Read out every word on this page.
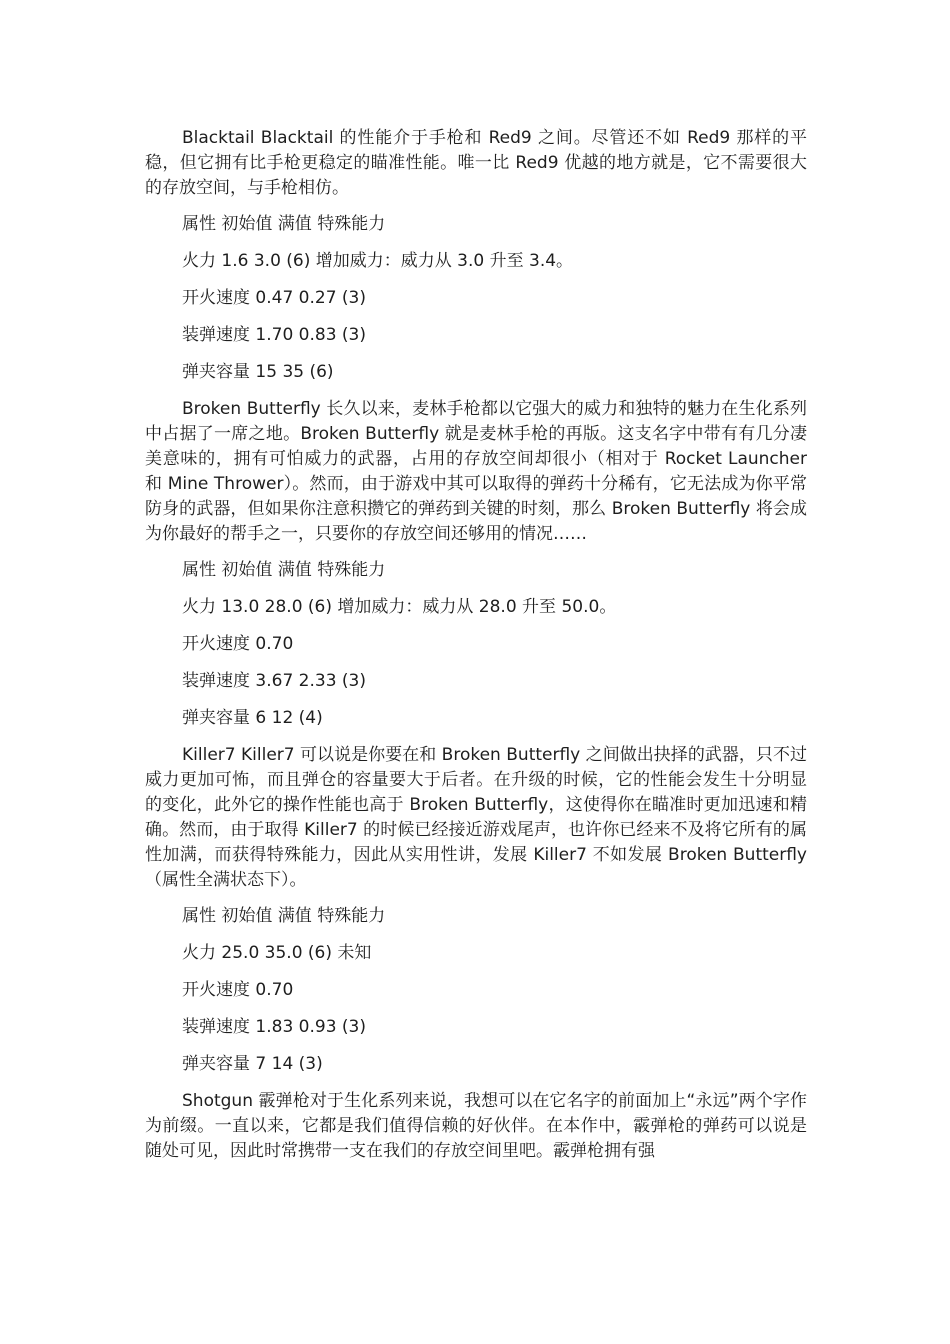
Blacktail Blacktail 的性能介于手枪和 Red9 之间。尽管还不如 Red9 那样的平稳，但它拥有比手枪更稳定的瞄准性能。唯一比 Red9 优越的地方就是，它不需要很大的存放空间，与手枪相仿。

属性 初始值 满值 特殊能力

火力 1.6 3.0 (6) 增加威力：威力从 3.0 升至 3.4。

开火速度 0.47 0.27 (3)

装弹速度 1.70 0.83 (3)

弹夹容量 15 35 (6)

Broken Butterfly 长久以来，麦林手枪都以它强大的威力和独特的魅力在生化系列中占据了一席之地。Broken Butterfly 就是麦林手枪的再版。这支名字中带有有几分凄美意味的，拥有可怕威力的武器，占用的存放空间却很小（相对于 Rocket Launcher 和 Mine Thrower）。然而，由于游戏中其可以取得的弹药十分稀有，它无法成为你平常防身的武器，但如果你注意积攒它的弹药到关键的时刻，那么 Broken Butterfly 将会成为你最好的帮手之一，只要你的存放空间还够用的情况……

属性 初始值 满值 特殊能力

火力 13.0 28.0 (6) 增加威力：威力从 28.0 升至 50.0。

开火速度 0.70

装弹速度 3.67 2.33 (3)

弹夹容量 6 12 (4)

Killer7 Killer7 可以说是你要在和 Broken Butterfly 之间做出抉择的武器，只不过威力更加可怖，而且弹仓的容量要大于后者。在升级的时候，它的性能会发生十分明显的变化，此外它的操作性能也高于 Broken Butterfly，这使得你在瞄准时更加迅速和精确。然而，由于取得 Killer7 的时候已经接近游戏尾声，也许你已经来不及将它所有的属性加满，而获得特殊能力，因此从实用性讲，发展 Killer7 不如发展 Broken Butterfly（属性全满状态下）。

属性 初始值 满值 特殊能力

火力 25.0 35.0 (6) 未知

开火速度 0.70

装弹速度 1.83 0.93 (3)

弹夹容量 7 14 (3)

Shotgun 霰弹枪对于生化系列来说，我想可以在它名字的前面加上“永远”两个字作为前缀。一直以来，它都是我们值得信赖的好伙伴。在本作中，霰弹枪的弹药可以说是随处可见，因此时常携带一支在我们的存放空间里吧。霰弹枪拥有强
